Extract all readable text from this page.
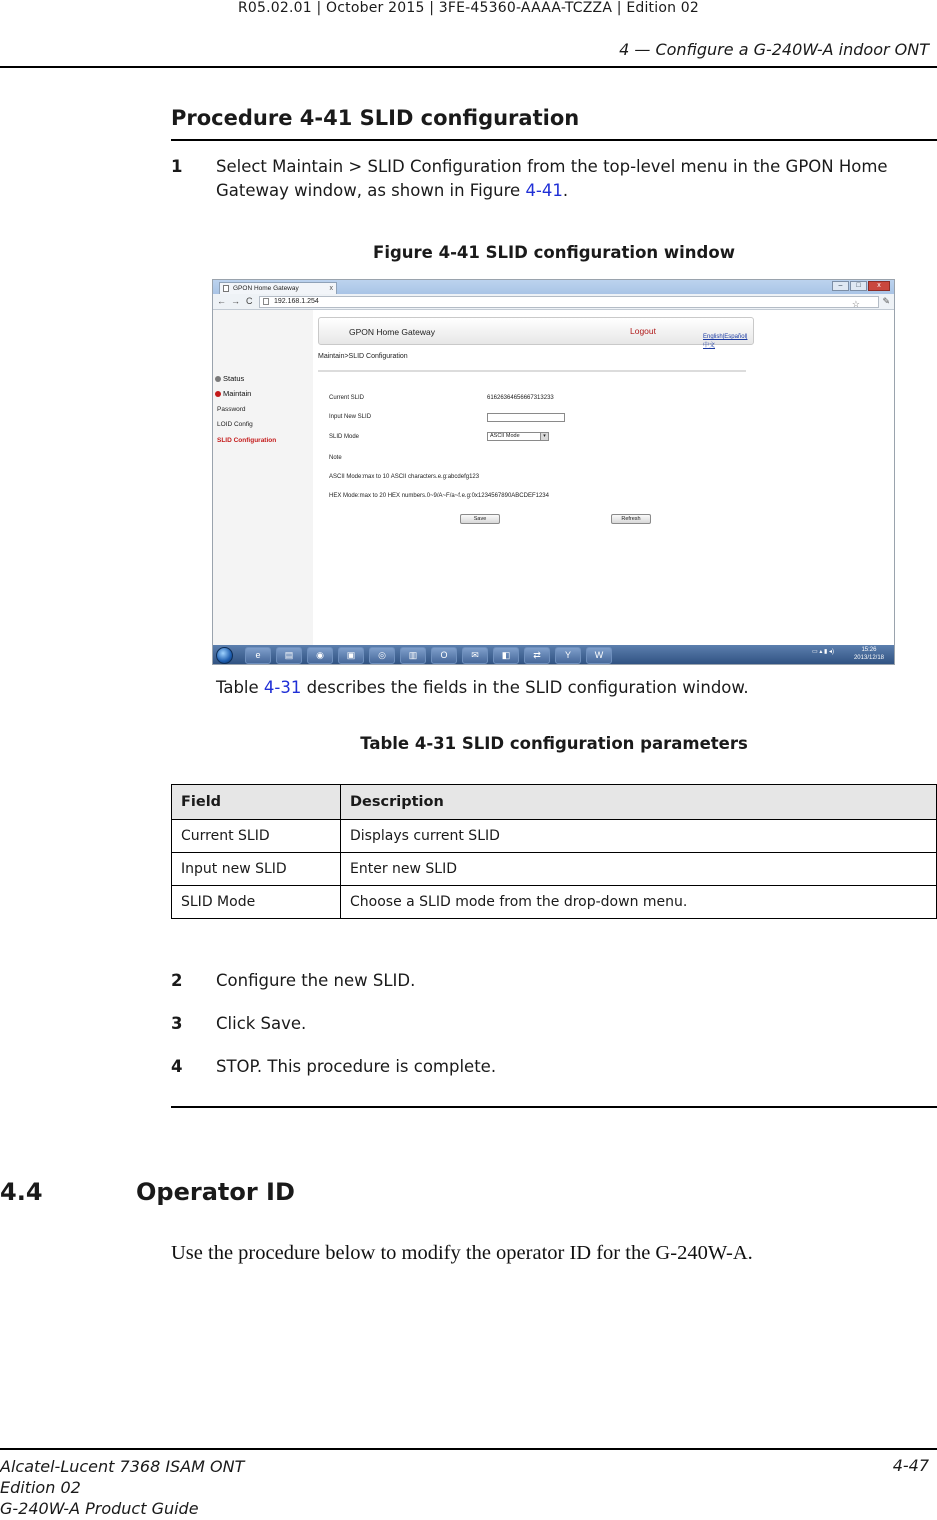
R05.02.01 | October 2015 | 3FE-45360-AAAA-TCZZA | Edition 02
4 — Configure a G-240W-A indoor ONT
Procedure 4-41 SLID configuration
1 Select Maintain > SLID Configuration from the top-level menu in the GPON Home Gateway window, as shown in Figure 4-41.
Figure 4-41 SLID configuration window
GPON Home Gateway	x	–	□	x
← → C	192.168.1.254	☆ ✎
Status
Maintain
Password
LOID Config
SLID Configuration
GPON Home Gateway	Logout
English|Español|中文
Maintain>SLID Configuration
Current SLID	61626364656667313233
Input New SLID
SLID Mode	ASCII Mode	▾
Note
ASCII Mode:max to 10 ASCII characters.e.g:abcdefg123
HEX Mode:max to 20 HEX numbers.0~9/A~F/a~f.e.g:0x1234567890ABCDEF1234
Save	Refresh
e	▤	◉	▣	◎	▥	O	✉	◧	⇄	Y	W	▭ ▴ ▮ ◂)	15:26
2013/12/18
Table 4-31 describes the fields in the SLID configuration window.
Table 4-31 SLID configuration parameters
Field	Description
Current SLID	Displays current SLID
Input new SLID	Enter new SLID
SLID Mode	Choose a SLID mode from the drop-down menu.
2 Configure the new SLID.
3 Click Save.
4 STOP. This procedure is complete.
4.4	Operator ID
Use the procedure below to modify the operator ID for the G-240W-A.
Alcatel-Lucent 7368 ISAM ONT
Edition 02
G-240W-A Product Guide
4-47
